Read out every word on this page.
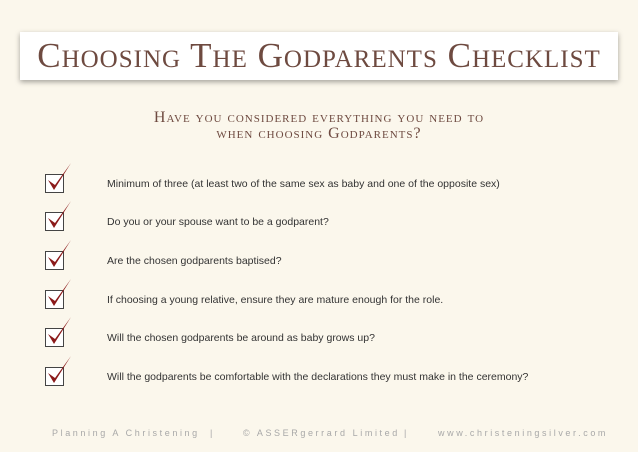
Choosing The Godparents Checklist
Have you considered everything you need to
when choosing Godparents?
Minimum of three (at least two of the same sex as baby and one of the opposite sex)
Do you or your spouse want to be a godparent?
Are the chosen godparents baptised?
If choosing a young relative, ensure they are mature enough for the role.
Will the chosen godparents be around as baby grows up?
Will the godparents be comfortable with the declarations they must make in the ceremony?
Planning A Christening |	© ASSERgerrard Limited |	www.christeningsilver.com
